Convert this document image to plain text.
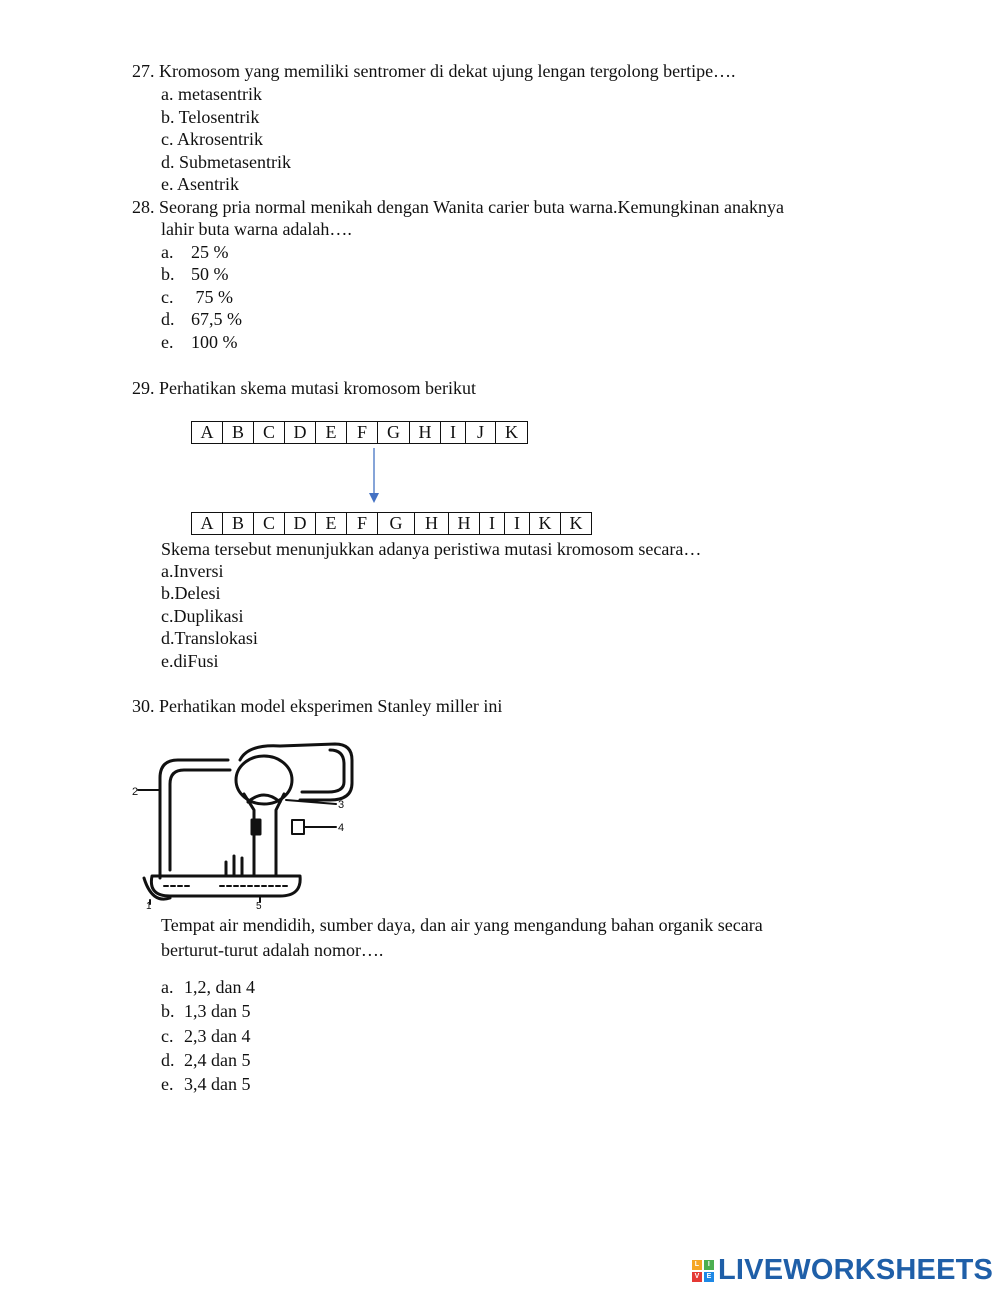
27. Kromosom yang memiliki sentromer di dekat ujung lengan tergolong bertipe….
a. metasentrik
b. Telosentrik
c. Akrosentrik
d. Submetasentrik
e. Asentrik
28. Seorang pria normal menikah dengan Wanita carier buta warna.Kemungkinan anaknya
lahir buta warna adalah….
a. 25 %
b. 50 %
c. 75 %
d. 67,5 %
e. 100 %
29. Perhatikan skema mutasi kromosom berikut
A	B	C	D	E	F	G	H	I	J	K
A	B	C	D	E	F	G	H	H	I	I	K	K
Skema tersebut menunjukkan adanya peristiwa mutasi kromosom secara…
a.Inversi
b.Delesi
c.Duplikasi
d.Translokasi
e.diFusi
30. Perhatikan model eksperimen Stanley miller ini
2
3
4
1	5
Tempat air mendidih, sumber daya, dan air yang mengandung bahan organik secara
berturut-turut adalah nomor….
a. 1,2, dan 4
b. 1,3 dan 5
c. 2,3 dan 4
d. 2,4 dan 5
e. 3,4 dan 5
L	I
V	E LIVEWORKSHEETS
